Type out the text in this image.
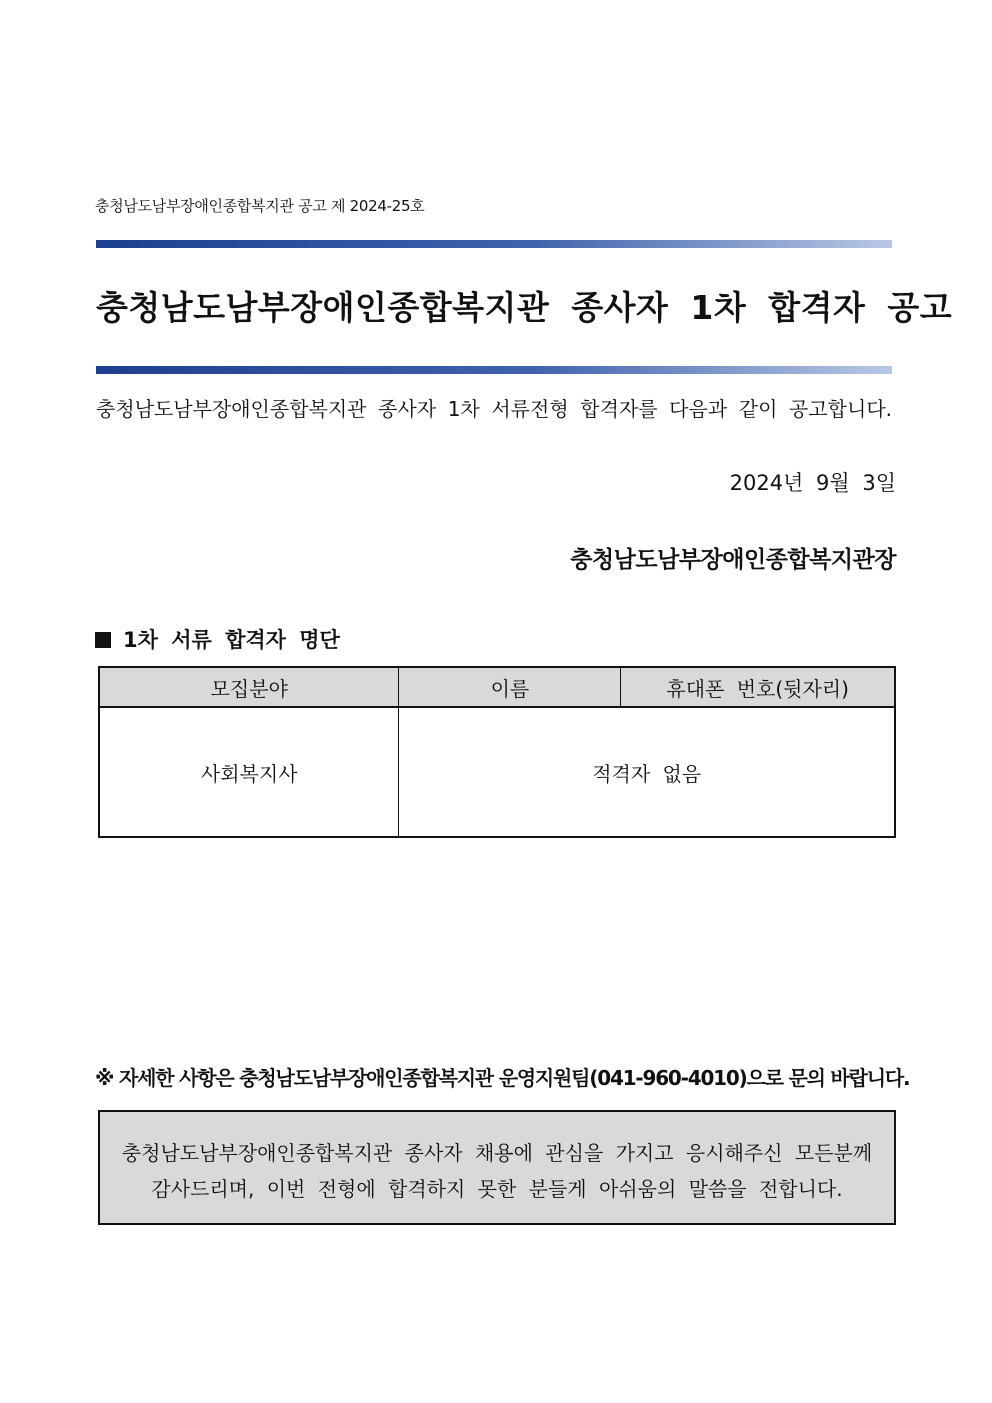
충청남도남부장애인종합복지관 공고 제 2024-25호
충청남도남부장애인종합복지관 종사자 1차 합격자 공고
충청남도남부장애인종합복지관 종사자 1차 서류전형 합격자를 다음과 같이 공고합니다.
2024년 9월 3일
충청남도남부장애인종합복지관장
1차 서류 합격자 명단
모집분야	이름	휴대폰 번호(뒷자리)
사회복지사	적격자 없음	
※ 자세한 사항은 충청남도남부장애인종합복지관 운영지원팀(041-960-4010)으로 문의 바랍니다.
충청남도남부장애인종합복지관 종사자 채용에 관심을 가지고 응시해주신 모든분께
감사드리며, 이번 전형에 합격하지 못한 분들게 아쉬움의 말씀을 전합니다.
